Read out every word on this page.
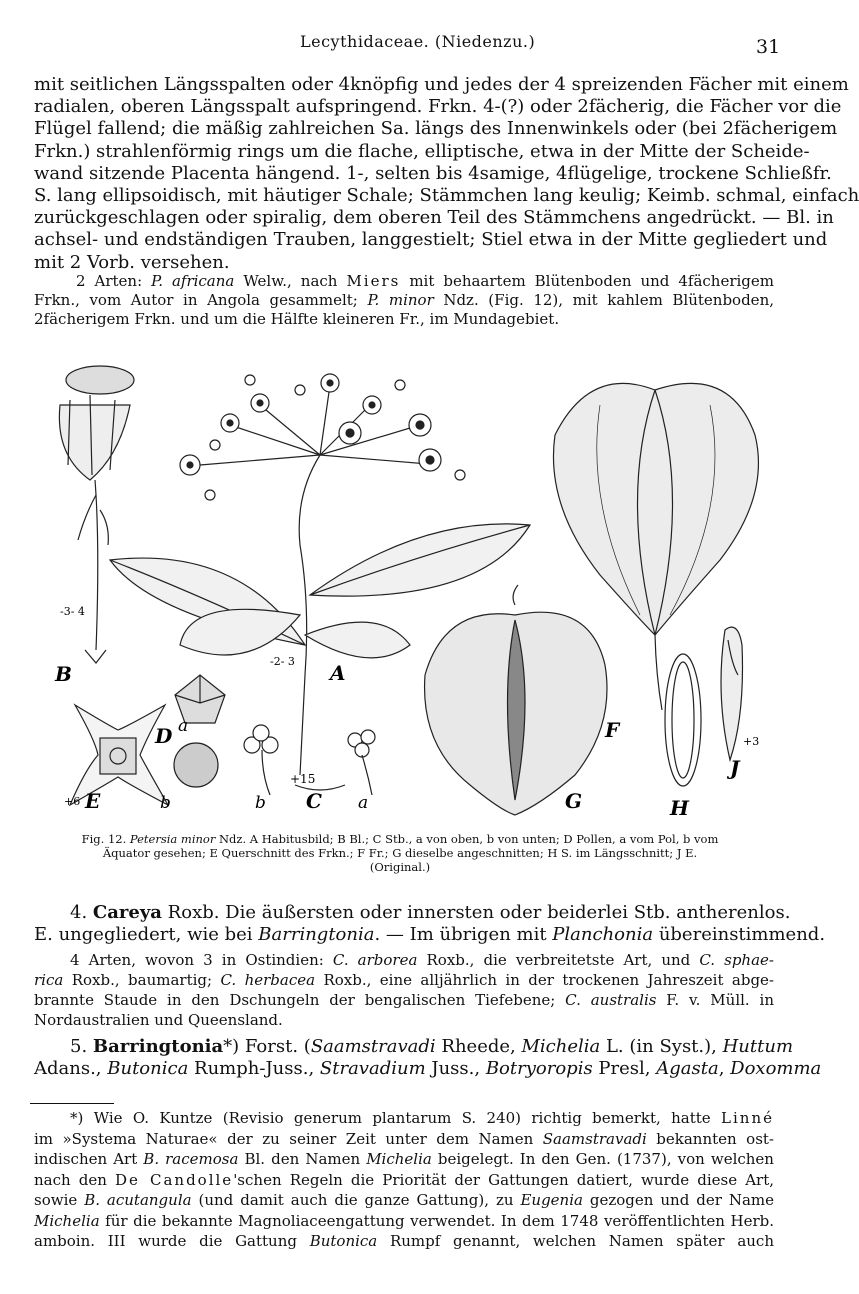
Lecythidaceae. (Niedenzu.)	31
mit seitlichen Längsspalten oder 4knöpfig und jedes der 4 spreizenden Fächer mit einem
radialen, oberen Längsspalt aufspringend. Frkn. 4-(?) oder 2fächerig, die Fächer vor die
Flügel fallend; die mäßig zahlreichen Sa. längs des Innenwinkels oder (bei 2fächerigem
Frkn.) strahlenförmig rings um die flache, elliptische, etwa in der Mitte der Scheide-
wand sitzende Placenta hängend. 1-, selten bis 4samige, 4flügelige, trockene Schließfr.
S. lang ellipsoidisch, mit häutiger Schale; Stämmchen lang keulig; Keimb. schmal, einfach
zurückgeschlagen oder spiralig, dem oberen Teil des Stämmchens angedrückt. — Bl. in
achsel- und endständigen Trauben, langgestielt; Stiel etwa in der Mitte gegliedert und
mit 2 Vorb. versehen.
2 Arten: P. africana Welw., nach Miers mit behaartem Blütenboden und 4fächerigem
Frkn., vom Autor in Angola gesammelt; P. minor Ndz. (Fig. 12), mit kahlem Blütenboden,
2fächerigem Frkn. und um die Hälfte kleineren Fr., im Mundagebiet.
B	A
F
D a
b	b C a
E	G	H
J
+15
+6
+3
-3- 4
-2- 3
Fig. 12. Petersia minor Ndz. A Habitusbild; B Bl.; C Stb., a von oben, b von unten; D Pollen, a vom Pol, b vom
Äquator gesehen; E Querschnitt des Frkn.; F Fr.; G dieselbe angeschnitten; H S. im Längsschnitt; J E.
(Original.)
4. Careya Roxb. Die äußersten oder innersten oder beiderlei Stb. antherenlos.
E. ungegliedert, wie bei Barringtonia. — Im übrigen mit Planchonia übereinstimmend.
4 Arten, wovon 3 in Ostindien: C. arborea Roxb., die verbreitetste Art, und C. sphae-
rica Roxb., baumartig; C. herbacea Roxb., eine alljährlich in der trockenen Jahreszeit abge-
brannte Staude in den Dschungeln der bengalischen Tiefebene; C. australis F. v. Müll. in
Nordaustralien und Queensland.
5. Barringtonia*) Forst. (Saamstravadi Rheede, Michelia L. (in Syst.), Huttum
Adans., Butonica Rumph-Juss., Stravadium Juss., Botryoropis Presl, Agasta, Doxomma
*) Wie O. Kuntze (Revisio generum plantarum S. 240) richtig bemerkt, hatte Linné
im »Systema Naturae« der zu seiner Zeit unter dem Namen Saamstravadi bekannten ost-
indischen Art B. racemosa Bl. den Namen Michelia beigelegt. In den Gen. (1737), von welchen
nach den De Candolle'schen Regeln die Priorität der Gattungen datiert, wurde diese Art,
sowie B. acutangula (und damit auch die ganze Gattung), zu Eugenia gezogen und der Name
Michelia für die bekannte Magnoliaceengattung verwendet. In dem 1748 veröffentlichten Herb.
amboin. III wurde die Gattung Butonica Rumpf genannt, welchen Namen später auch
